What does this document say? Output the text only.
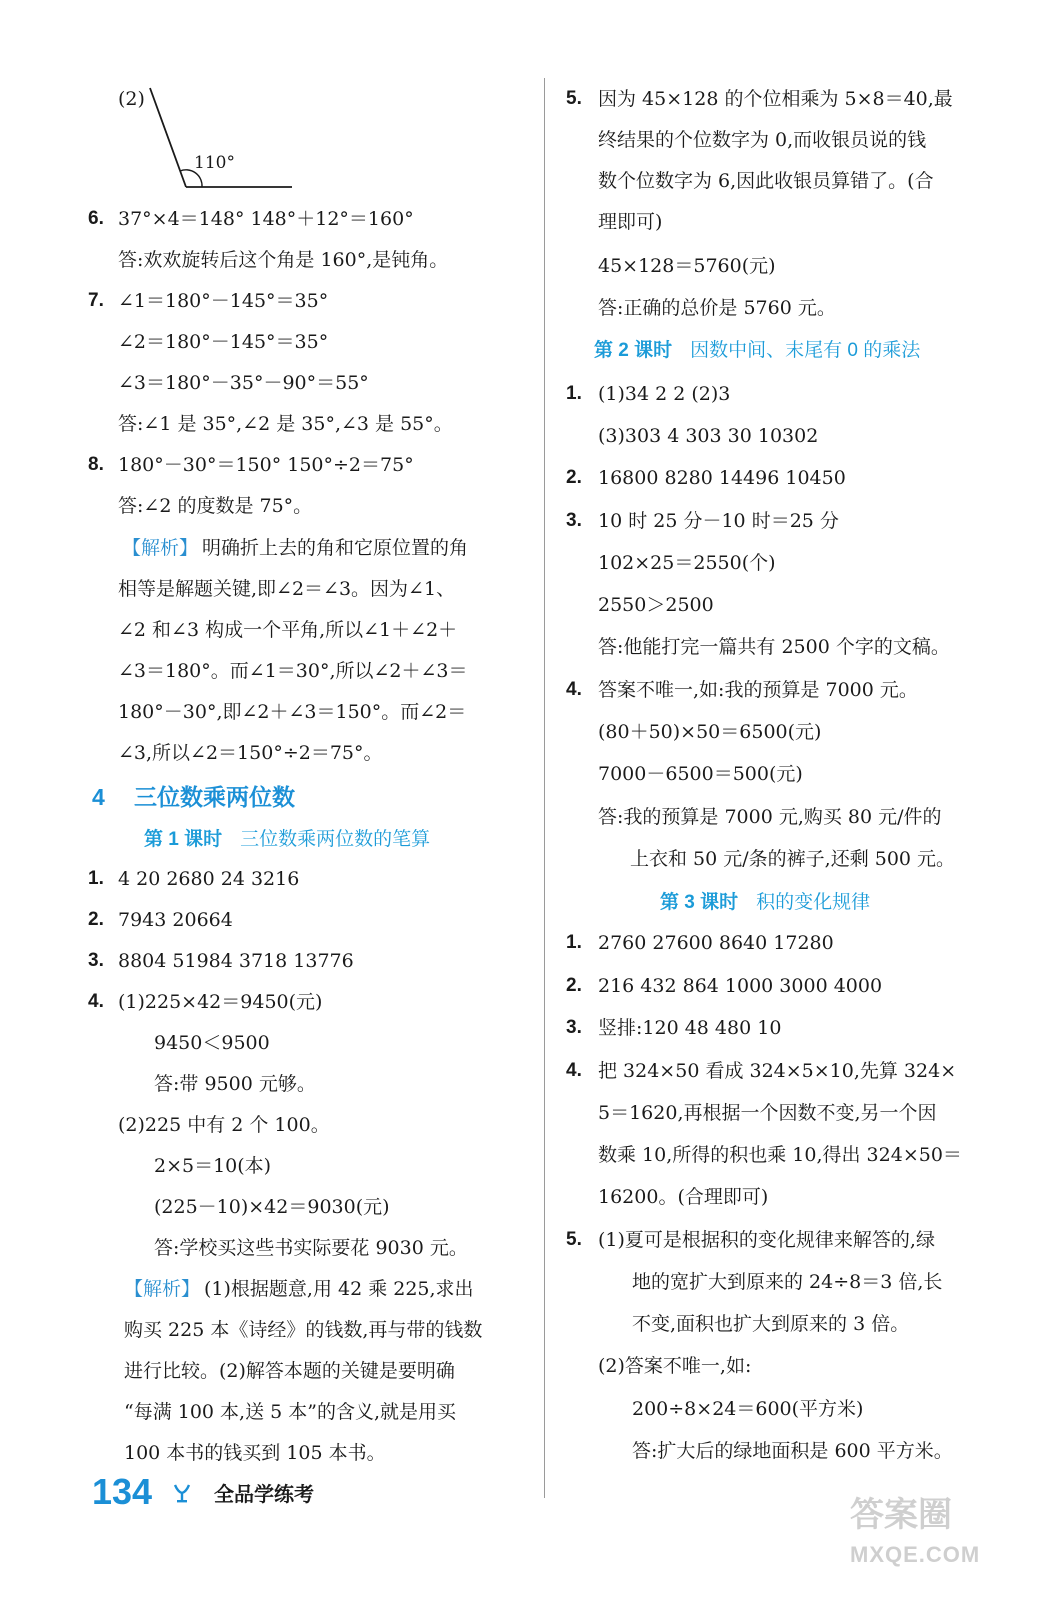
(2)
110°
6. 37°×4＝148° 148°＋12°＝160°
答:欢欢旋转后这个角是 160°,是钝角。
7. ∠1＝180°－145°＝35°
∠2＝180°－145°＝35°
∠3＝180°－35°－90°＝55°
答:∠1 是 35°,∠2 是 35°,∠3 是 55°。
8. 180°－30°＝150° 150°÷2＝75°
答:∠2 的度数是 75°。
【解析】 明确折上去的角和它原位置的角
相等是解题关键,即∠2＝∠3。因为∠1、
∠2 和∠3 构成一个平角,所以∠1＋∠2＋
∠3＝180°。而∠1＝30°,所以∠2＋∠3＝
180°－30°,即∠2＋∠3＝150°。而∠2＝
∠3,所以∠2＝150°÷2＝75°。
4 三位数乘两位数
第 1 课时 三位数乘两位数的笔算
1. 4 20 2680 24 3216
2. 7943 20664
3. 8804 51984 3718 13776
4. (1)225×42＝9450(元)
9450＜9500
答:带 9500 元够。
(2)225 中有 2 个 100。
2×5＝10(本)
(225－10)×42＝9030(元)
答:学校买这些书实际要花 9030 元。
【解析】 (1)根据题意,用 42 乘 225,求出
购买 225 本《诗经》的钱数,再与带的钱数
进行比较。(2)解答本题的关键是要明确
“每满 100 本,送 5 本”的含义,就是用买
100 本书的钱买到 105 本书。
5. 因为 45×128 的个位相乘为 5×8＝40,最
终结果的个位数字为 0,而收银员说的钱
数个位数字为 6,因此收银员算错了。(合
理即可)
45×128＝5760(元)
答:正确的总价是 5760 元。
第 2 课时 因数中间、末尾有 0 的乘法
1. (1)34 2 2 (2)3
(3)303 4 303 30 10302
2. 16800 8280 14496 10450
3. 10 时 25 分－10 时＝25 分
102×25＝2550(个)
2550＞2500
答:他能打完一篇共有 2500 个字的文稿。
4. 答案不唯一,如:我的预算是 7000 元。
(80＋50)×50＝6500(元)
7000－6500＝500(元)
答:我的预算是 7000 元,购买 80 元/件的
上衣和 50 元/条的裤子,还剩 500 元。
第 3 课时 积的变化规律
1. 2760 27600 8640 17280
2. 216 432 864 1000 3000 4000
3. 竖排:120 48 480 10
4. 把 324×50 看成 324×5×10,先算 324×
5＝1620,再根据一个因数不变,另一个因
数乘 10,所得的积也乘 10,得出 324×50＝
16200。(合理即可)
5. (1)夏可是根据积的变化规律来解答的,绿
地的宽扩大到原来的 24÷8＝3 倍,长
不变,面积也扩大到原来的 3 倍。
(2)答案不唯一,如:
200÷8×24＝600(平方米)
答:扩大后的绿地面积是 600 平方米。
134	全品学练考
答案圈
MXQE.COM
